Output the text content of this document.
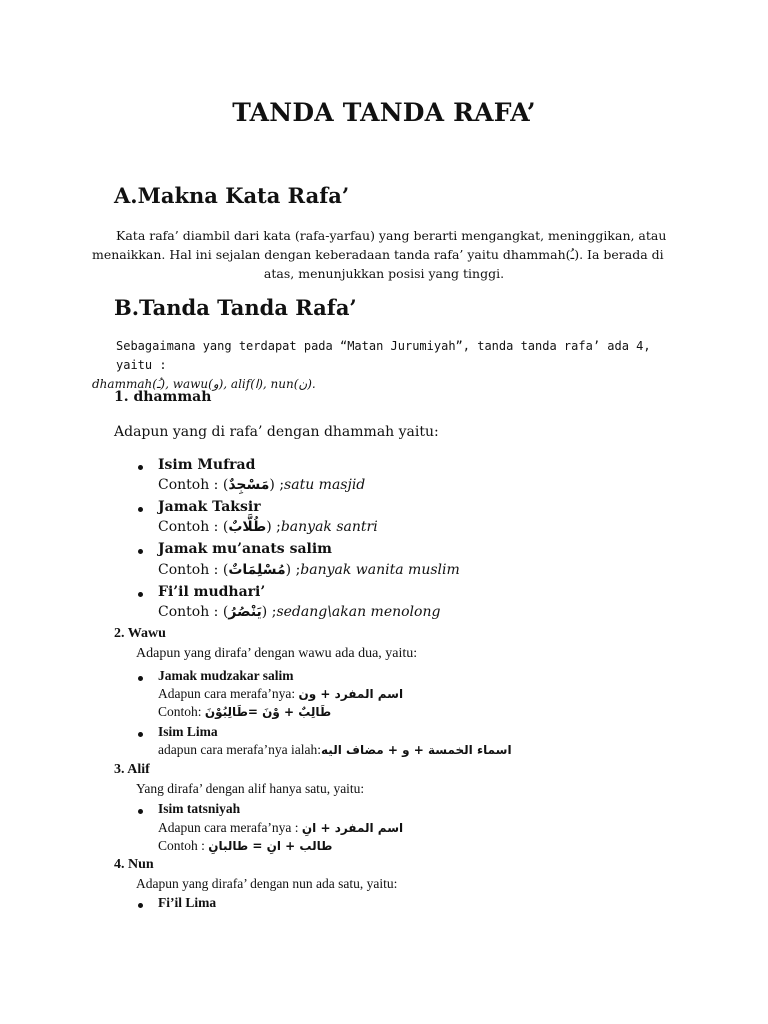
TANDA TANDA RAFA’
A.Makna Kata Rafa’
Kata rafa’ diambil dari kata (rafa-yarfau) yang berarti mengangkat, meninggikan, atau
menaikkan. Hal ini sejalan dengan keberadaan tanda rafa’ yaitu dhammah(ـُ). Ia berada di
atas, menunjukkan posisi yang tinggi.
B.Tanda Tanda Rafa’
Sebagaimana yang terdapat pada “Matan Jurumiyah”, tanda tanda rafa’ ada 4, yaitu :
dhammah(ـُ), wawu(و), alif(ا), nun(ن).
1. dhammah
Adapun yang di rafa’ dengan dhammah yaitu:
Isim Mufrad
Contoh : (مَسْجِدٌ) ;satu masjid
Jamak Taksir
Contoh : (طُلَّابٌ) ;banyak santri
Jamak mu’anats salim
Contoh : (مُسْلِمَاتٌ) ;banyak wanita muslim
Fi’il mudhari’
Contoh : (يَنْصُرُ) ;sedang\akan menolong
2. Wawu
Adapun yang dirafa’ dengan wawu ada dua, yaitu:
Jamak mudzakar salim
Adapun cara merafa’nya: اسم المفرد + ون
Contoh: طَالِبٌ + وْنَ =طَالِبُوْنَ
Isim Lima
adapun cara merafa’nya ialah:اسماء الخمسة + و + مضاف اليه
3. Alif
Yang dirafa’ dengan alif hanya satu, yaitu:
Isim tatsniyah
Adapun cara merafa’nya : اسم المفرد + انِ
Contoh : طالب + انِ = طالبانِ
4. Nun
Adapun yang dirafa’ dengan nun ada satu, yaitu:
Fi’il Lima
